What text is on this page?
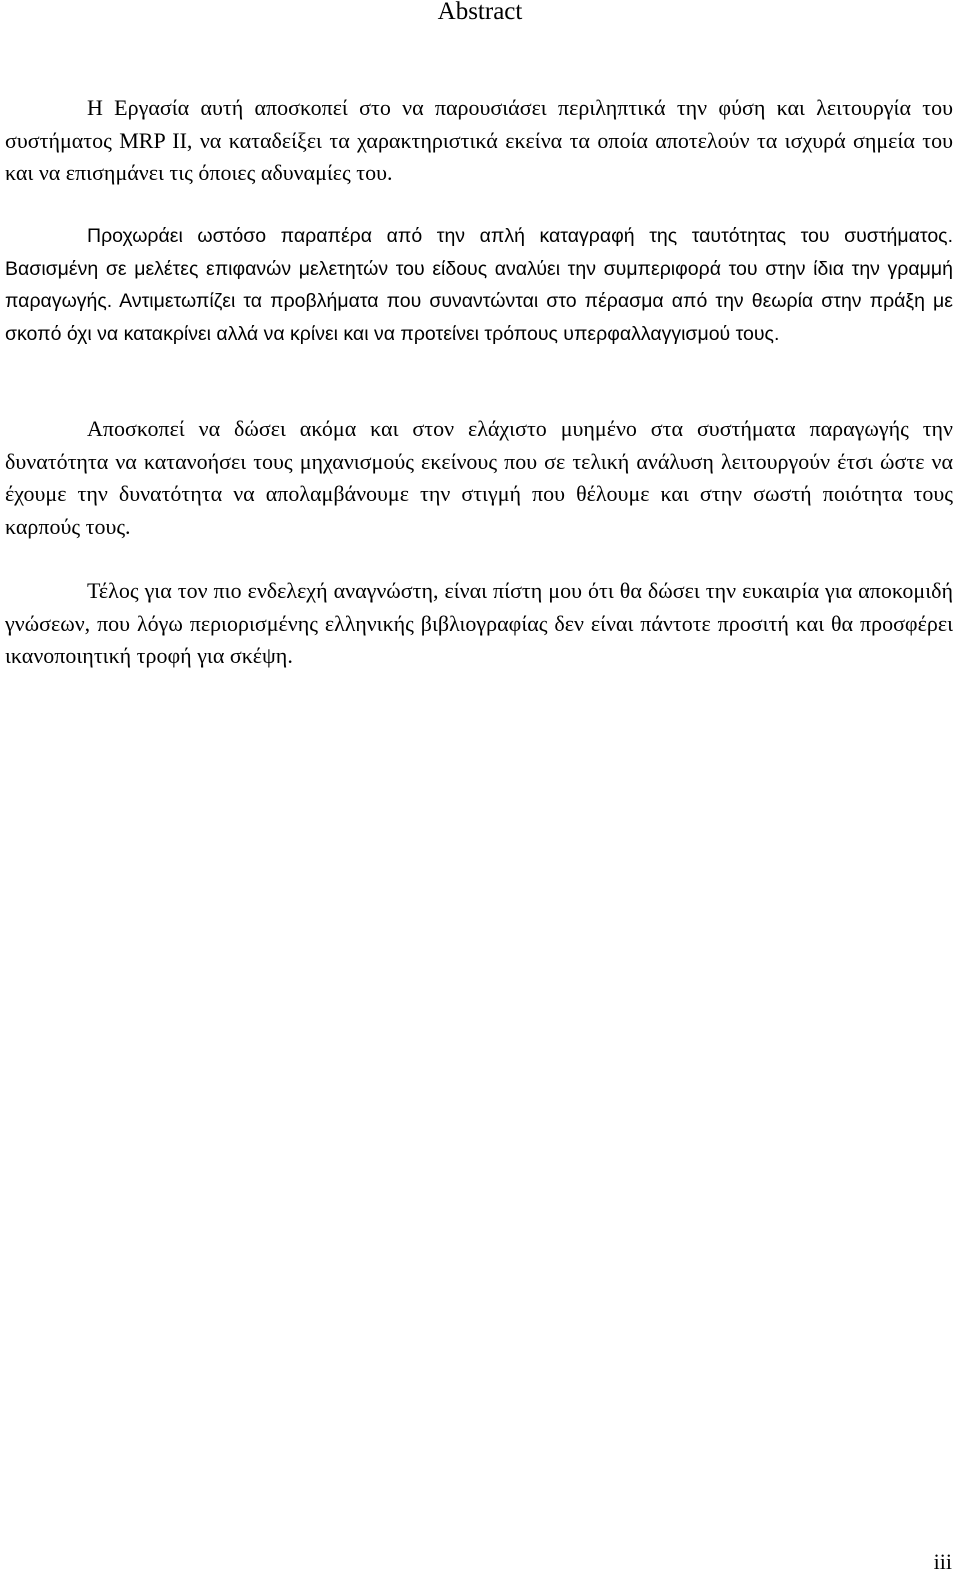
Abstract

Η Εργασία αυτή αποσκοπεί στο να παρουσιάσει περιληπτικά την φύση και λειτουργία του συστήματος MRP II, να καταδείξει τα χαρακτηριστικά εκείνα τα οποία αποτελούν τα ισχυρά σημεία του και να επισημάνει τις όποιες αδυναμίες του.

Προχωράει ωστόσο παραπέρα από την απλή καταγραφή της ταυτότητας του συστήματος. Βασισμένη σε μελέτες επιφανών μελετητών του είδους αναλύει την συμπεριφορά του στην ίδια την γραμμή παραγωγής. Αντιμετωπίζει τα προβλήματα που συναντώνται στο πέρασμα από την θεωρία στην πράξη με σκοπό όχι να κατακρίνει αλλά να κρίνει και να προτείνει τρόπους υπερφαλλαγγισμού τους.

Αποσκοπεί να δώσει ακόμα και στον ελάχιστο μυημένο στα συστήματα παραγωγής την δυνατότητα να κατανοήσει τους μηχανισμούς εκείνους που σε τελική ανάλυση λειτουργούν έτσι ώστε να έχουμε την δυνατότητα να απολαμβάνουμε την στιγμή που θέλουμε και στην σωστή ποιότητα τους καρπούς τους.

Τέλος για τον πιο ενδελεχή αναγνώστη, είναι πίστη μου ότι θα δώσει την ευκαιρία για αποκομιδή γνώσεων, που λόγω περιορισμένης ελληνικής βιβλιογραφίας δεν είναι πάντοτε προσιτή και θα προσφέρει ικανοποιητική τροφή για σκέψη.

iii
